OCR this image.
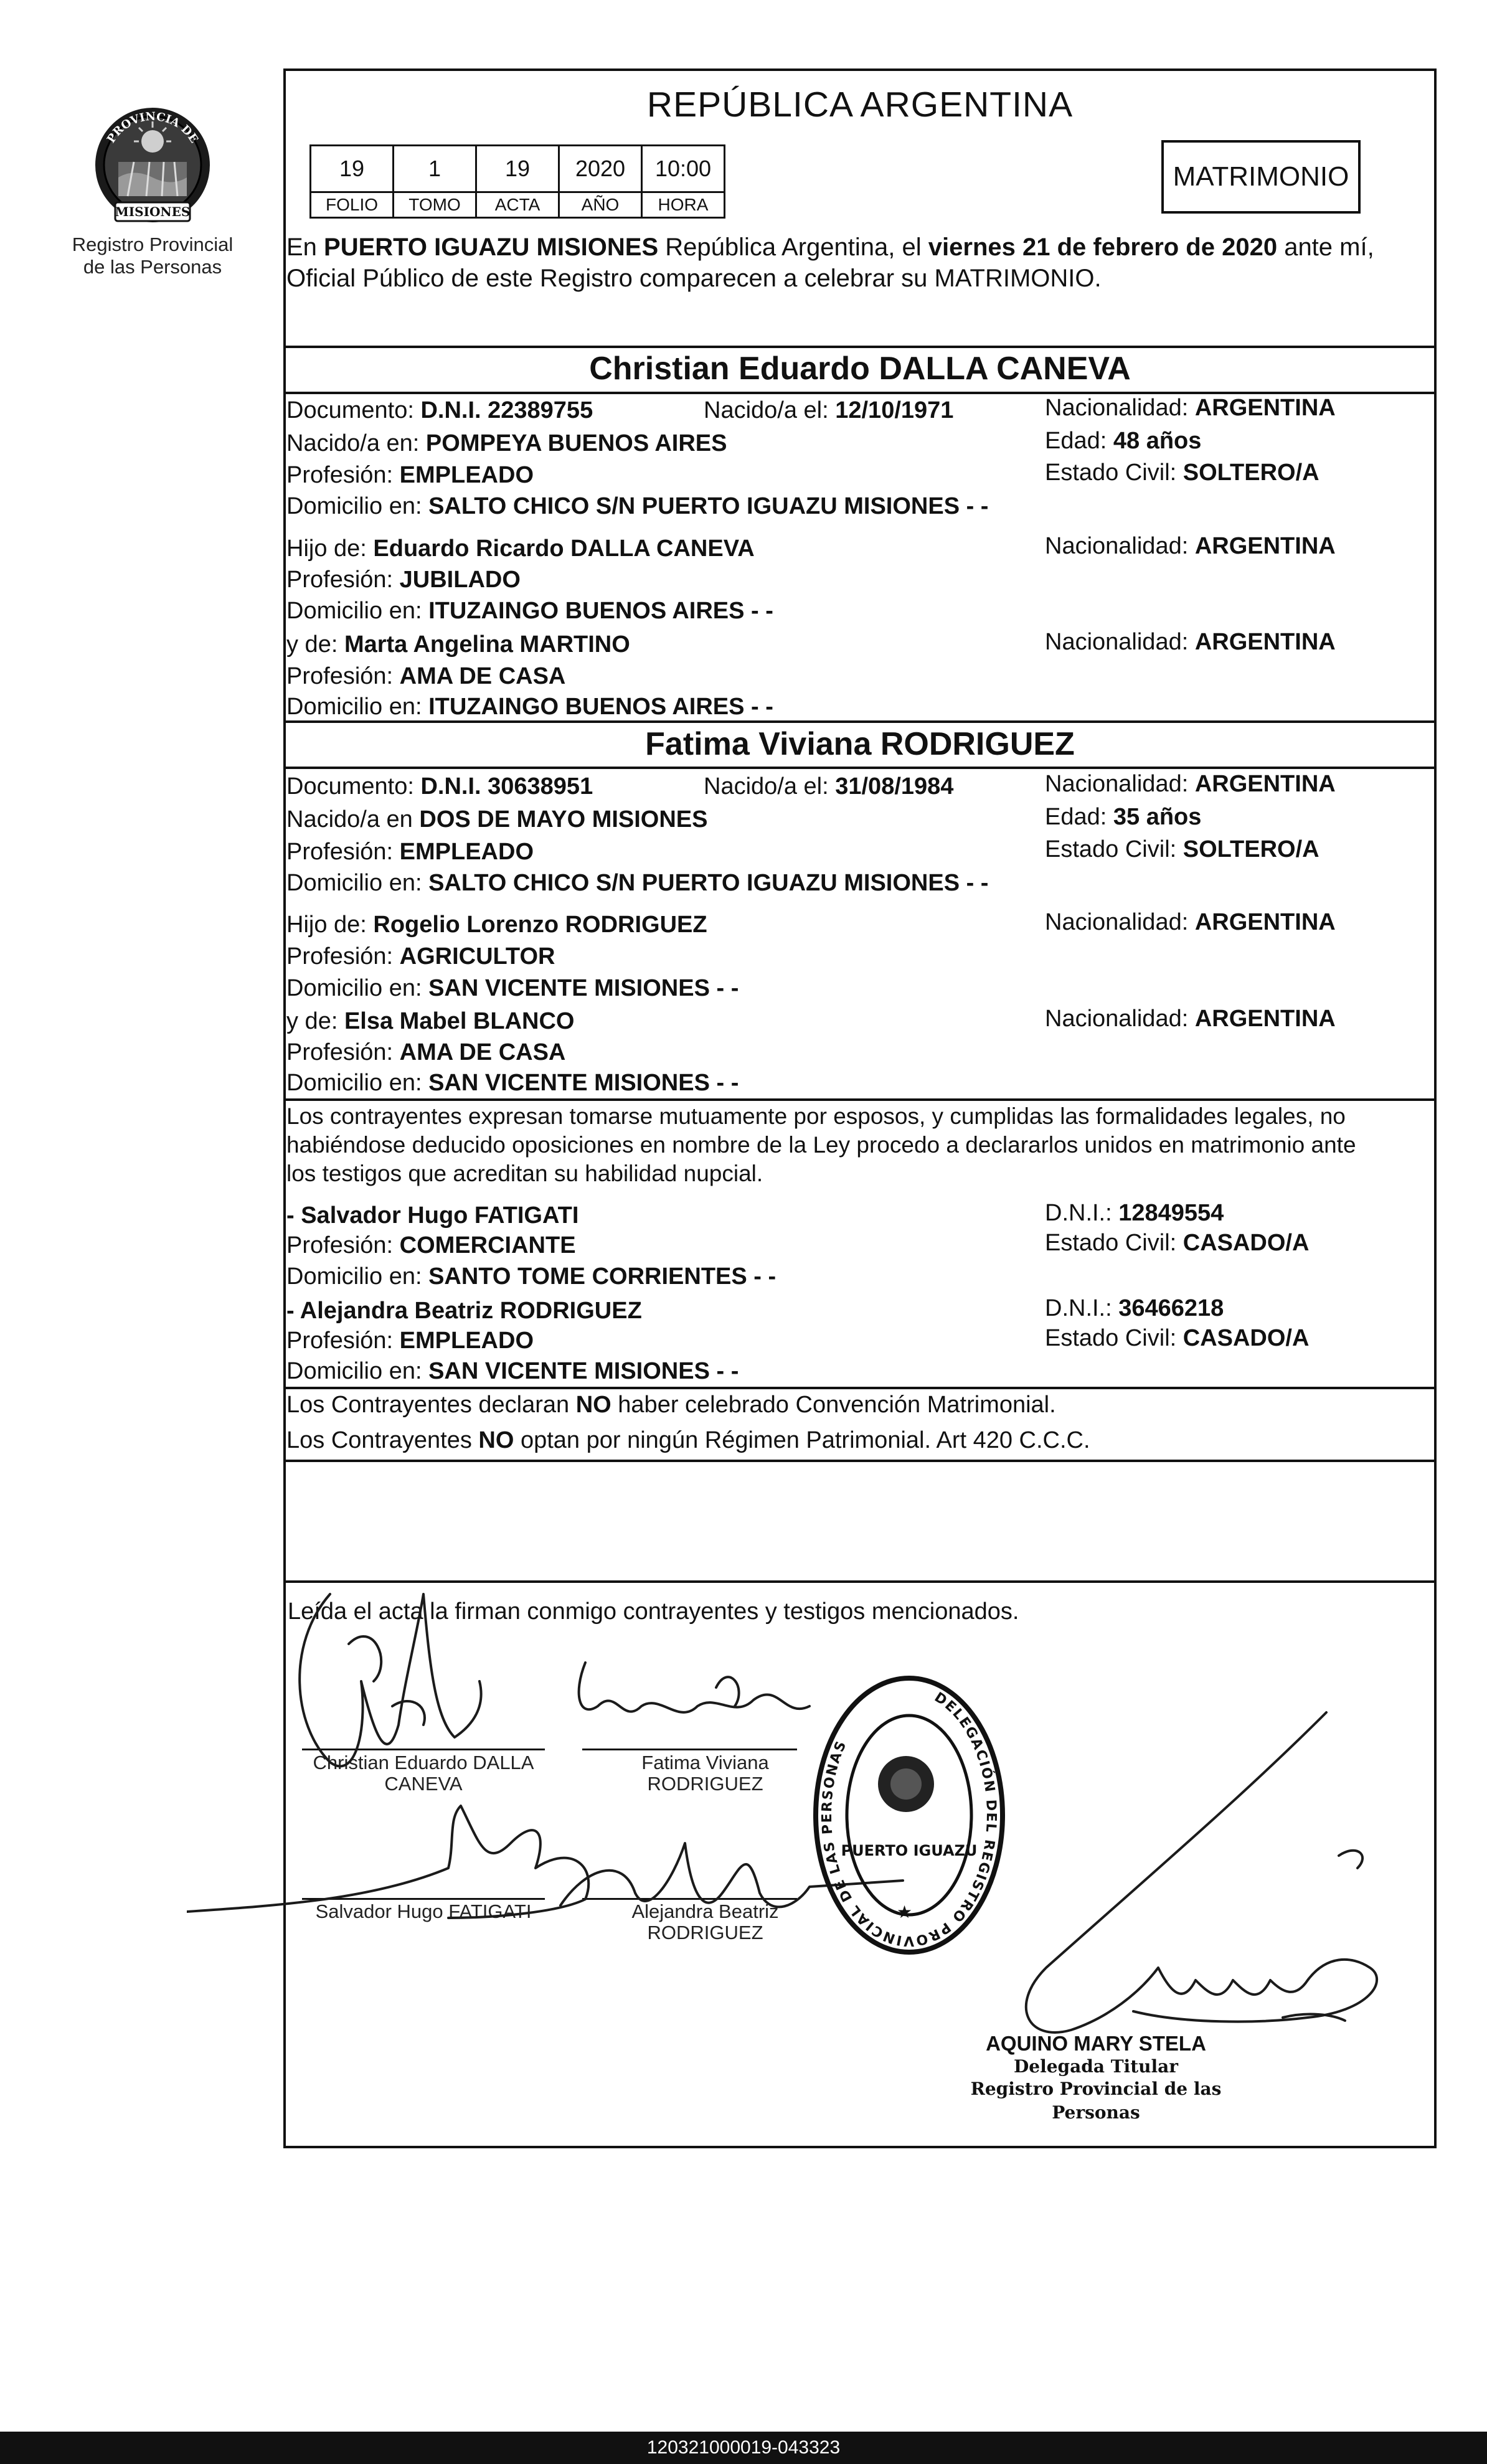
PROVINCIA DE
MISIONES
Registro Provincial
de las Personas
REPÚBLICA ARGENTINA
19	1	19	2020	10:00
FOLIO	TOMO	ACTA	AÑO	HORA
MATRIMONIO
En PUERTO IGUAZU MISIONES República Argentina, el viernes 21 de febrero de 2020 ante mí, Oficial Público de este Registro comparecen a celebrar su MATRIMONIO.
Christian Eduardo DALLA CANEVA
Documento: D.N.I. 22389755	Nacido/a el: 12/10/1971	Nacionalidad: ARGENTINA
Nacido/a en: POMPEYA BUENOS AIRES	Edad: 48 años
Profesión: EMPLEADO	Estado Civil: SOLTERO/A
Domicilio en: SALTO CHICO S/N PUERTO IGUAZU MISIONES - -
Hijo de: Eduardo Ricardo DALLA CANEVA	Nacionalidad: ARGENTINA
Profesión: JUBILADO
Domicilio en: ITUZAINGO BUENOS AIRES - -
y de: Marta Angelina MARTINO	Nacionalidad: ARGENTINA
Profesión: AMA DE CASA
Domicilio en: ITUZAINGO BUENOS AIRES - -
Fatima Viviana RODRIGUEZ
Documento: D.N.I. 30638951	Nacido/a el: 31/08/1984	Nacionalidad: ARGENTINA
Nacido/a en DOS DE MAYO MISIONES	Edad: 35 años
Profesión: EMPLEADO	Estado Civil: SOLTERO/A
Domicilio en: SALTO CHICO S/N PUERTO IGUAZU MISIONES - -
Hijo de: Rogelio Lorenzo RODRIGUEZ	Nacionalidad: ARGENTINA
Profesión: AGRICULTOR
Domicilio en: SAN VICENTE MISIONES - -
y de: Elsa Mabel BLANCO	Nacionalidad: ARGENTINA
Profesión: AMA DE CASA
Domicilio en: SAN VICENTE MISIONES - -
Los contrayentes expresan tomarse mutuamente por esposos, y cumplidas las formalidades legales, no
habiéndose deducido oposiciones en nombre de la Ley procedo a declararlos unidos en matrimonio ante
los testigos que acreditan su habilidad nupcial.
- Salvador Hugo FATIGATI	D.N.I.: 12849554
Profesión: COMERCIANTE	Estado Civil: CASADO/A
Domicilio en: SANTO TOME CORRIENTES - -
- Alejandra Beatriz RODRIGUEZ	D.N.I.: 36466218
Profesión: EMPLEADO	Estado Civil: CASADO/A
Domicilio en: SAN VICENTE MISIONES - -
Los Contrayentes declaran NO haber celebrado Convención Matrimonial.
Los Contrayentes NO optan por ningún Régimen Patrimonial. Art 420 C.C.C.
Leída el acta la firman conmigo contrayentes y testigos mencionados.
Christian Eduardo DALLA
CANEVA
Fatima Viviana
RODRIGUEZ
Salvador Hugo FATIGATI	Alejandra Beatriz
RODRIGUEZ
DELEGACIÓN DEL REGISTRO PROVINCIAL DE LAS PERSONAS
PUERTO IGUAZU
★
AQUINO MARY STELA
Delegada Titular
Registro Provincial de las Personas
120321000019-043323
